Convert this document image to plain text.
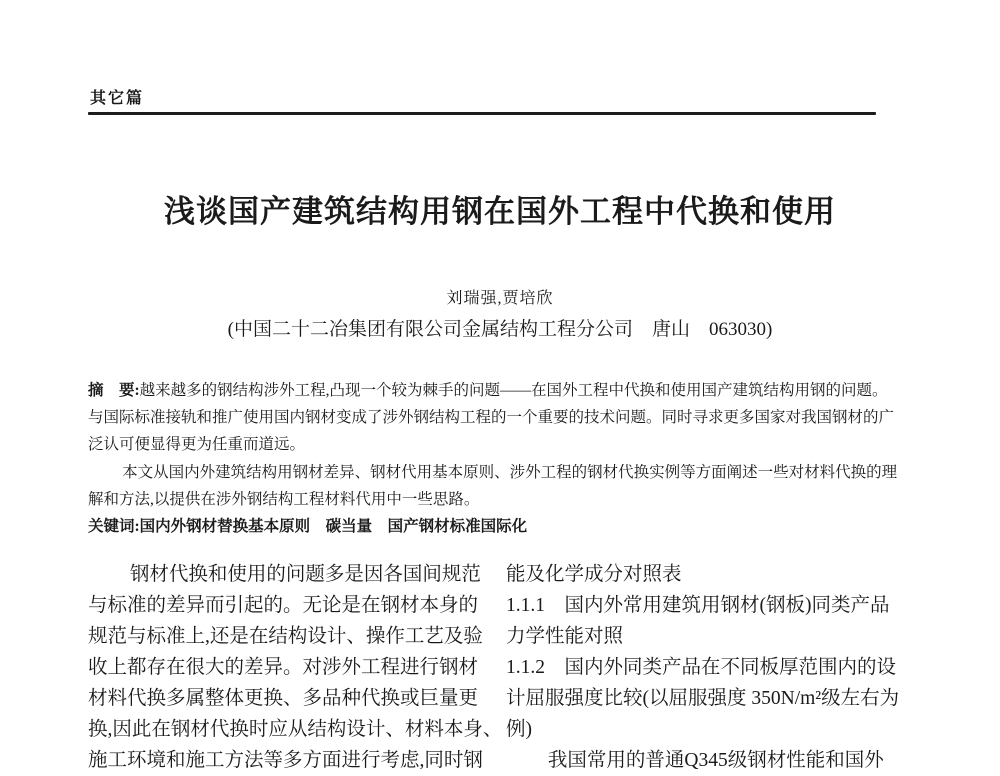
其它篇
浅谈国产建筑结构用钢在国外工程中代换和使用
刘瑞强,贾培欣
(中国二十二冶集团有限公司金属结构工程分公司　唐山　063030)
摘　要:越来越多的钢结构涉外工程,凸现一个较为棘手的问题——在国外工程中代换和使用国产建筑结构用钢的问题。
与国际标准接轨和推广使用国内钢材变成了涉外钢结构工程的一个重要的技术问题。同时寻求更多国家对我国钢材的广
泛认可便显得更为任重而道远。
本文从国内外建筑结构用钢材差异、钢材代用基本原则、涉外工程的钢材代换实例等方面阐述一些对材料代换的理
解和方法,以提供在涉外钢结构工程材料代用中一些思路。
关键词:国内外钢材替换基本原则　碳当量　国产钢材标准国际化
钢材代换和使用的问题多是因各国间规范
与标准的差异而引起的。无论是在钢材本身的
规范与标准上,还是在结构设计、操作工艺及验
收上都存在很大的差异。对涉外工程进行钢材
材料代换多属整体更换、多品种代换或巨量更
换,因此在钢材代换时应从结构设计、材料本身、
施工环境和施工方法等多方面进行考虑,同时钢
能及化学成分对照表
1.1.1　国内外常用建筑用钢材(钢板)同类产品
力学性能对照
1.1.2　国内外同类产品在不同板厚范围内的设
计屈服强度比较(以屈服强度 350N/m²级左右为
例)
我国常用的普通Q345级钢材性能和国外
